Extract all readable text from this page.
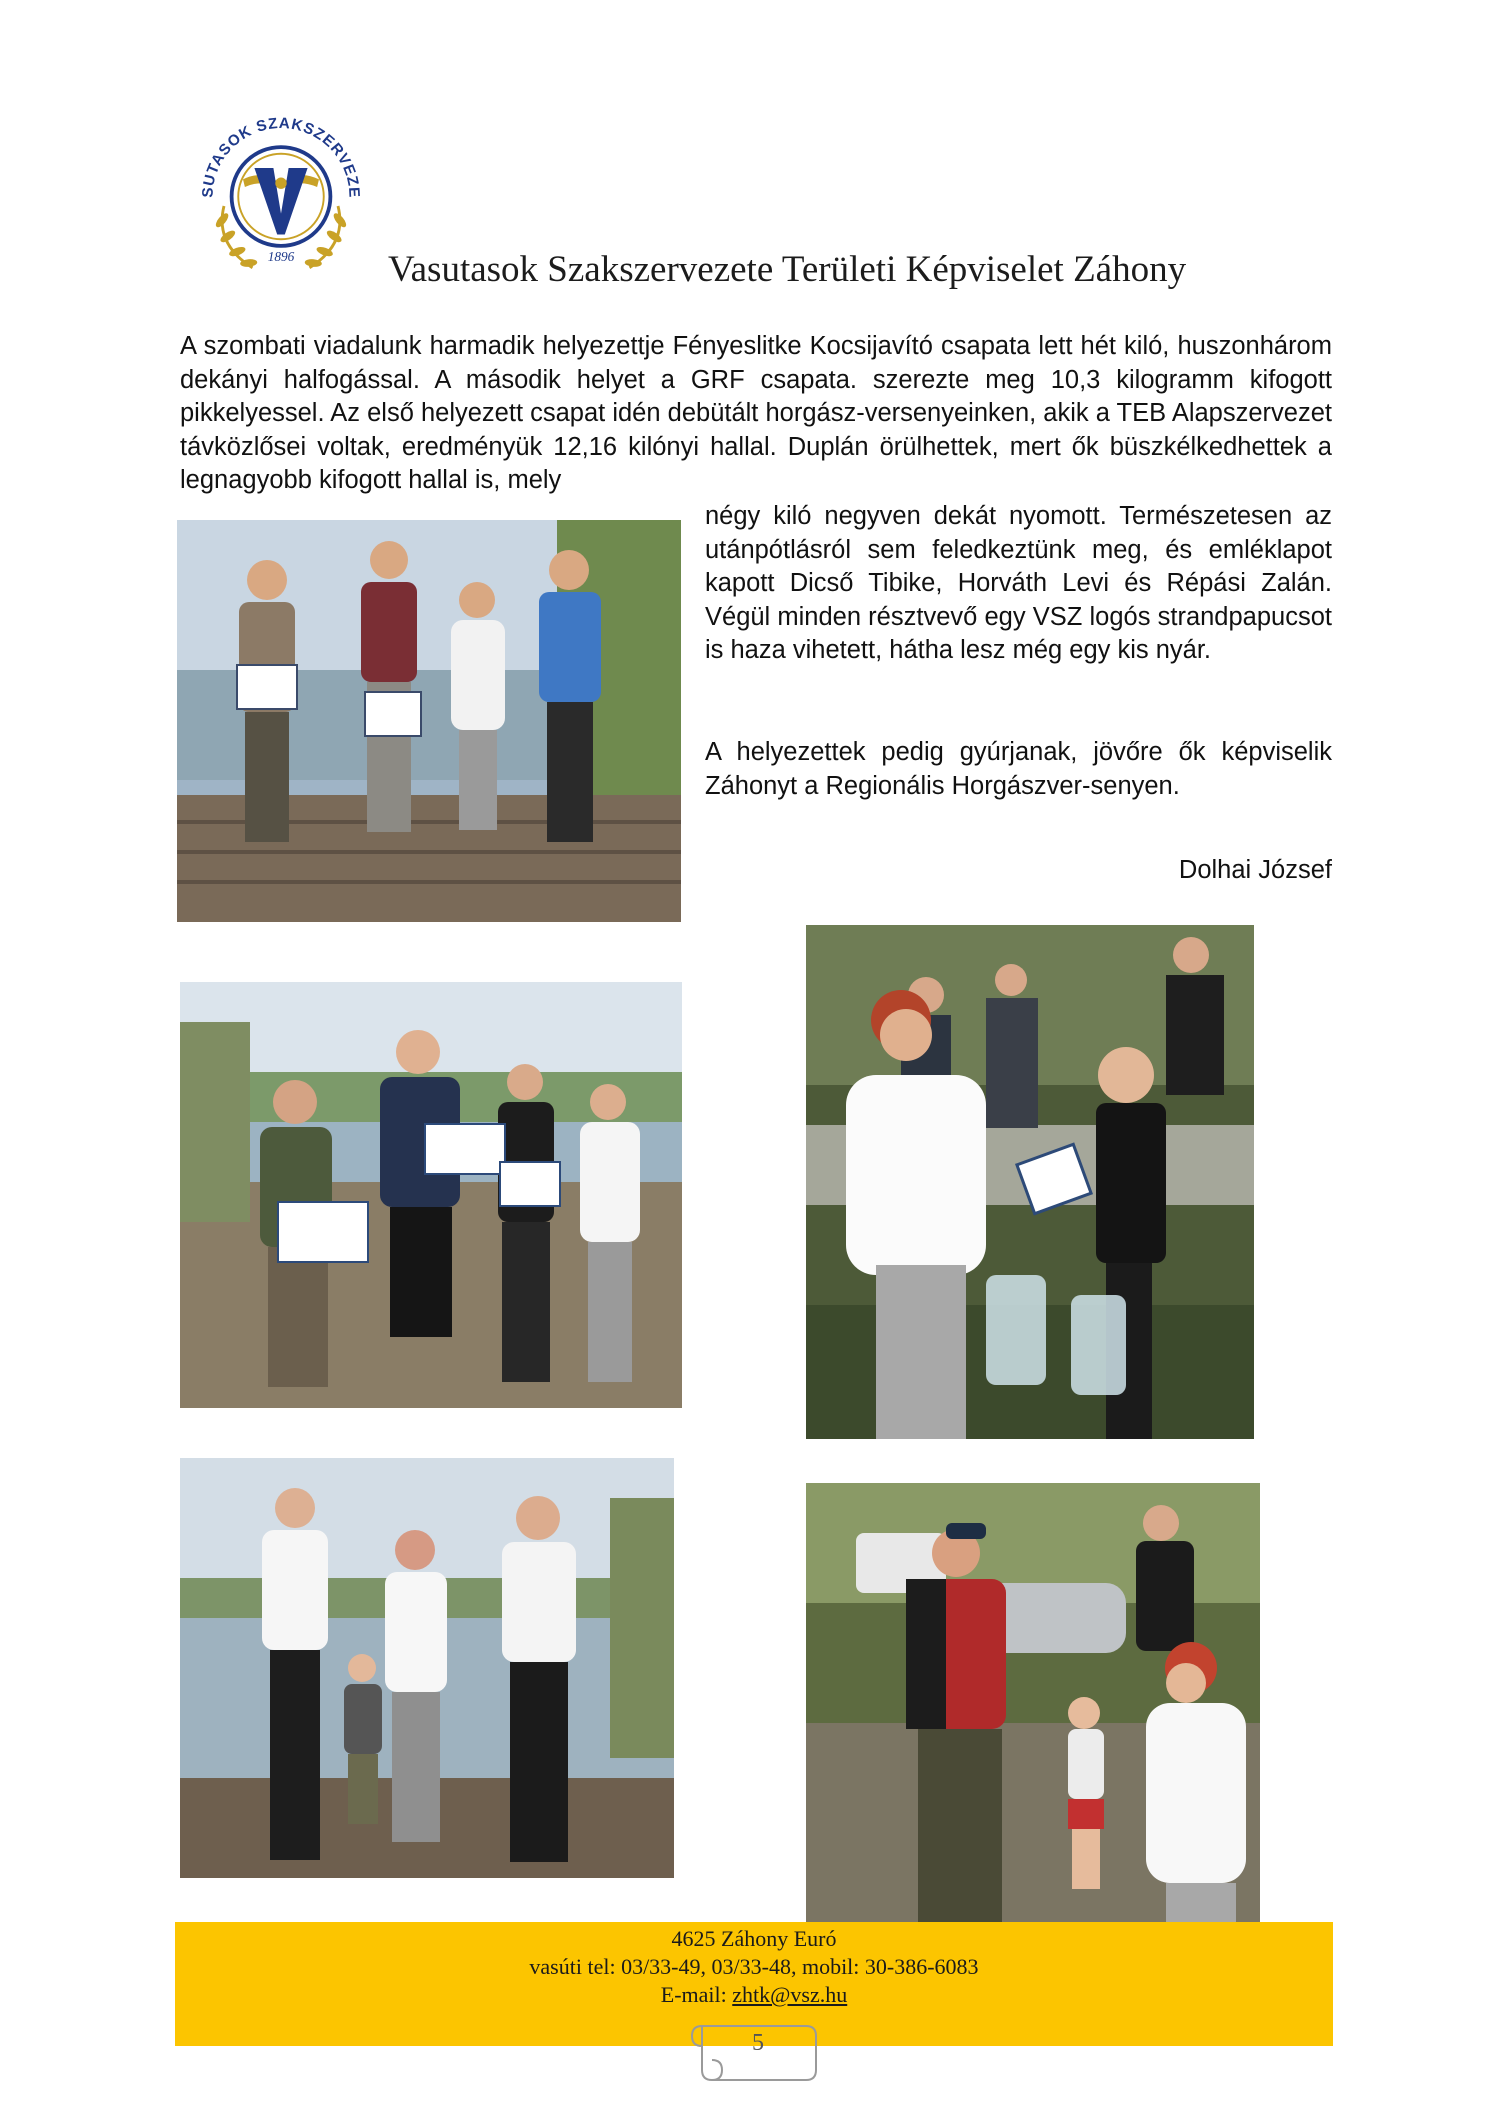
SUTASOK SZAKSZERVEZE
1896	Vasutasok Szakszervezete Területi Képviselet Záhony
A szombati viadalunk harmadik helyezettje Fényeslitke Kocsijavító csapata lett hét kiló, huszonhárom dekányi halfogással. A második helyet a GRF csapata. szerezte meg 10,3 kilogramm kifogott pikkelyessel. Az első helyezett csapat idén debütált horgász-versenyeinken, akik a TEB Alapszervezet távközlősei voltak, eredményük 12,16 kilónyi hallal. Duplán örülhettek, mert ők büszkélkedhettek a legnagyobb kifogott hallal is, mely
négy kiló negyven dekát nyomott. Természetesen az utánpótlásról sem feledkeztünk meg, és emléklapot kapott Dicső Tibike, Horváth Levi és Répási Zalán. Végül minden résztvevő egy VSZ logós strandpapucsot is haza vihetett, hátha lesz még egy kis nyár.
A helyezettek pedig gyúrjanak, jövőre ők képviselik Záhonyt a Regionális Horgászver-senyen.
Dolhai József
4625 Záhony Euró
vasúti tel: 03/33-49, 03/33-48, mobil: 30-386-6083
E-mail: zhtk@vsz.hu
5
